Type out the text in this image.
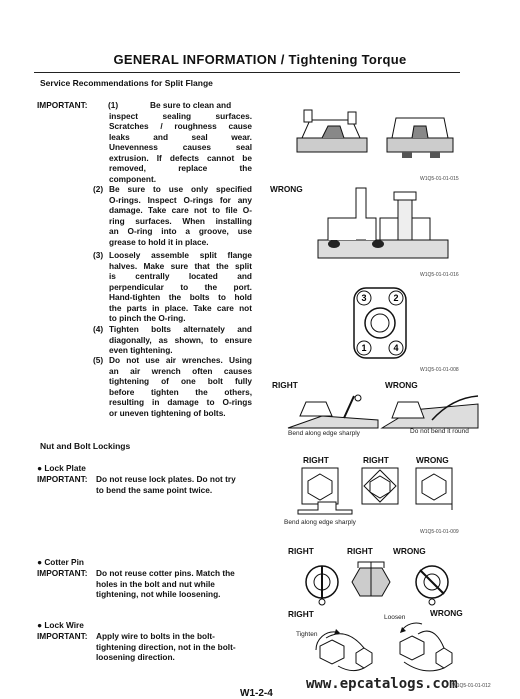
GENERAL INFORMATION / Tightening Torque
Service Recommendations for Split Flange
IMPORTANT: (1)	Be sure to clean and
inspect sealing surfaces.
Scratches / roughness cause
leaks and seal wear.
Unevenness causes seal
extrusion. If defects cannot be
removed, replace the
component.
(2) Be sure to use only specified
O-rings. Inspect O-rings for any
damage. Take care not to file O-
ring surfaces. When installing
an O-ring into a groove, use
grease to hold it in place.
(3) Loosely assemble split flange
halves. Make sure that the split
is centrally located and
perpendicular to the port.
Hand-tighten the bolts to hold
the parts in place. Take care not
to pinch the O-ring.
(4) Tighten bolts alternately and
diagonally, as shown, to ensure
even tightening.
(5) Do not use air wrenches. Using
an air wrench often causes
tightening of one bolt fully
before tighten the others,
resulting in damage to O-rings
or uneven tightening of bolts.
Nut and Bolt Lockings
● Lock Plate
IMPORTANT: Do not reuse lock plates. Do not try
to bend the same point twice.
● Cotter Pin
IMPORTANT: Do not reuse cotter pins. Match the
holes in the bolt and nut while
tightening, not while loosening.
● Lock Wire
IMPORTANT: Apply wire to bolts in the bolt-
tightening direction, not in the bolt-
loosening direction.
W1Q5-01-01-015
WRONG
W1Q5-01-01-016
3	2
1	4
W1Q5-01-01-008
RIGHT	WRONG
Bend along edge sharply	Do not bend it round
RIGHT	RIGHT	WRONG
Bend along edge sharply
W1Q5-01-01-009
RIGHT	RIGHT WRONG
RIGHT	WRONG
Tighten
Loosen
W1-2-4
www.epcatalogs.com
W1Q5-01-01-012
